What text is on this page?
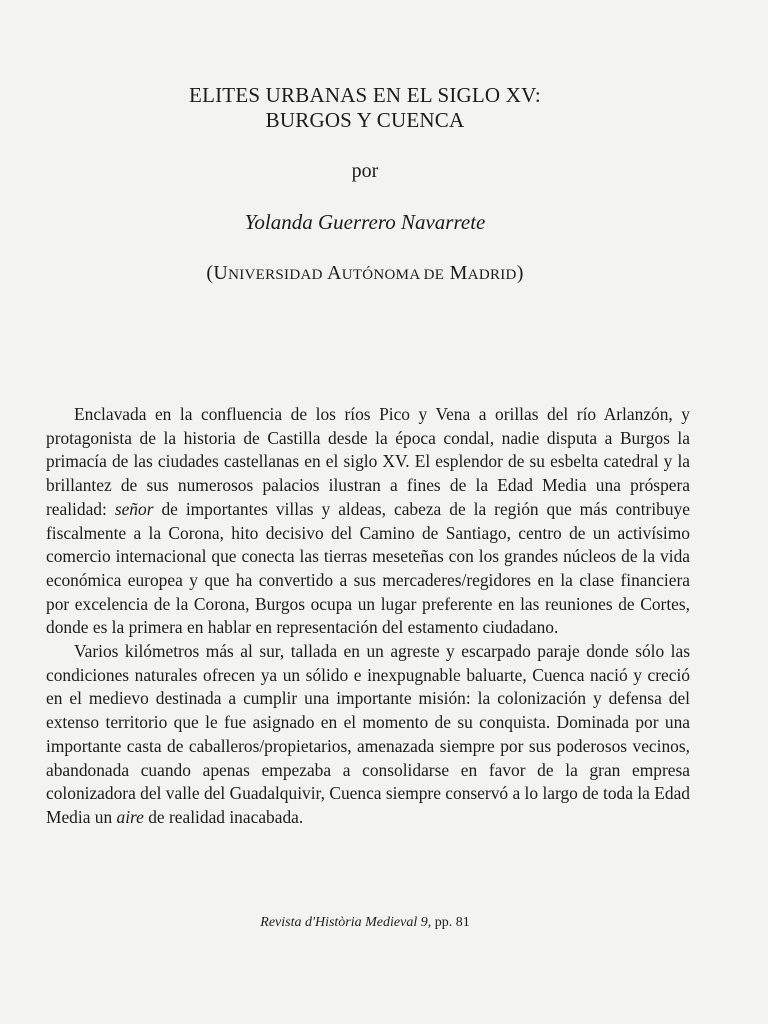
ELITES URBANAS EN EL SIGLO XV:
BURGOS Y CUENCA
por
Yolanda Guerrero Navarrete
(UNIVERSIDAD AUTÓNOMA DE MADRID)

Enclavada en la confluencia de los ríos Pico y Vena a orillas del río Arlanzón, y protagonista de la historia de Castilla desde la época condal, nadie disputa a Burgos la primacía de las ciudades castellanas en el siglo XV. El esplendor de su esbelta catedral y la brillantez de sus numerosos palacios ilustran a fines de la Edad Media una próspera realidad: señor de importantes villas y aldeas, cabeza de la región que más contribuye fiscalmente a la Corona, hito decisivo del Camino de Santiago, centro de un activísimo comercio internacional que conecta las tierras meseteñas con los grandes núcleos de la vida económica europea y que ha convertido a sus mercaderes/regidores en la clase financiera por excelencia de la Corona, Burgos ocupa un lugar preferente en las reuniones de Cortes, donde es la primera en hablar en representación del estamento ciudadano.

Varios kilómetros más al sur, tallada en un agreste y escarpado paraje donde sólo las condiciones naturales ofrecen ya un sólido e inexpugnable baluarte, Cuenca nació y creció en el medievo destinada a cumplir una importante misión: la colonización y defensa del extenso territorio que le fue asignado en el momento de su conquista. Dominada por una importante casta de caballeros/propietarios, amenazada siempre por sus poderosos vecinos, abandonada cuando apenas empezaba a consolidarse en favor de la gran empresa colonizadora del valle del Guadalquivir, Cuenca siempre conservó a lo largo de toda la Edad Media un aire de realidad inacabada.

Revista d'Història Medieval 9, pp. 81
